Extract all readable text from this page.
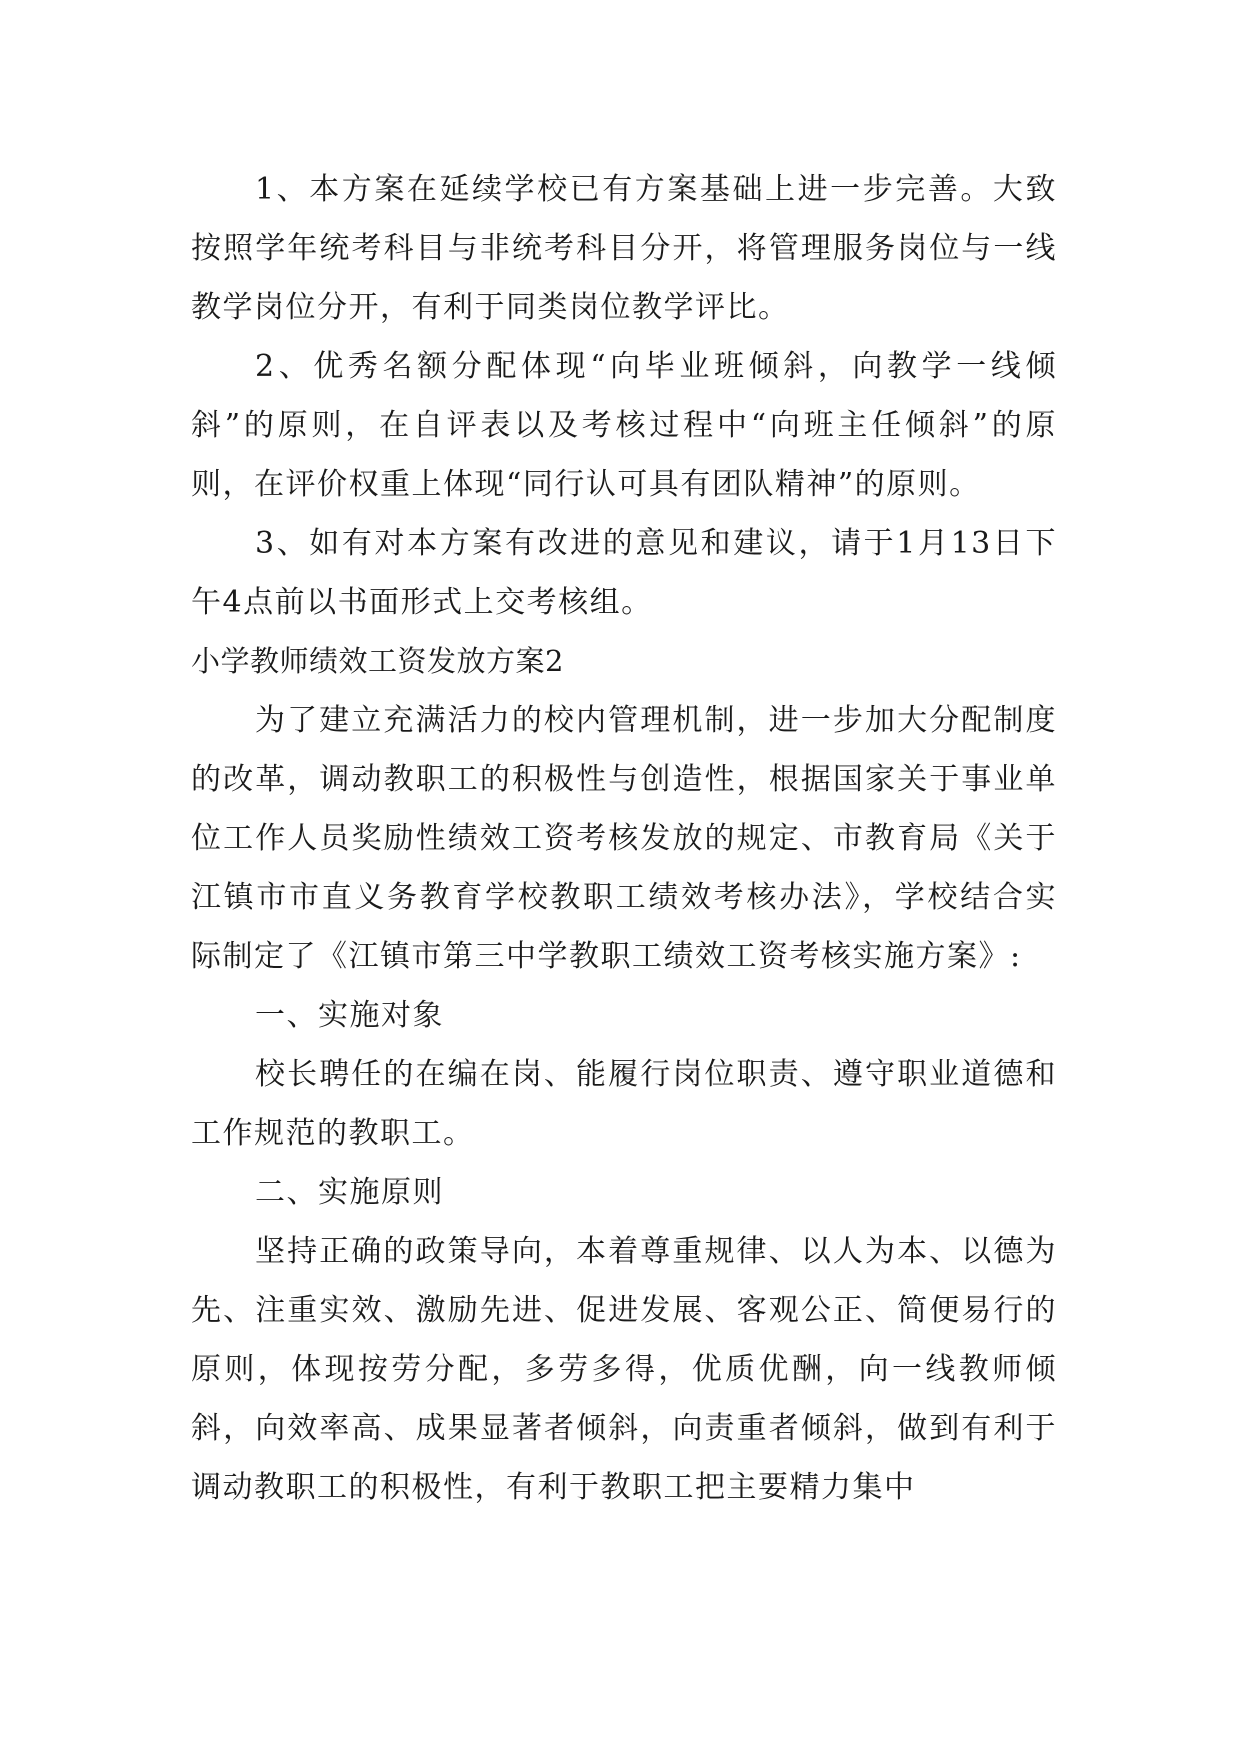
1、本方案在延续学校已有方案基础上进一步完善。大致按照学年统考科目与非统考科目分开，将管理服务岗位与一线教学岗位分开，有利于同类岗位教学评比。

2、优秀名额分配体现“向毕业班倾斜，向教学一线倾斜”的原则，在自评表以及考核过程中“向班主任倾斜”的原则，在评价权重上体现“同行认可具有团队精神”的原则。

3、如有对本方案有改进的意见和建议，请于1月13日下午4点前以书面形式上交考核组。

小学教师绩效工资发放方案2

为了建立充满活力的校内管理机制，进一步加大分配制度的改革，调动教职工的积极性与创造性，根据国家关于事业单位工作人员奖励性绩效工资考核发放的规定、市教育局《关于江镇市市直义务教育学校教职工绩效考核办法》，学校结合实际制定了《江镇市第三中学教职工绩效工资考核实施方案》:

一、实施对象

校长聘任的在编在岗、能履行岗位职责、遵守职业道德和工作规范的教职工。

二、实施原则

坚持正确的政策导向，本着尊重规律、以人为本、以德为先、注重实效、激励先进、促进发展、客观公正、简便易行的原则，体现按劳分配，多劳多得，优质优酬，向一线教师倾斜，向效率高、成果显著者倾斜，向责重者倾斜，做到有利于调动教职工的积极性，有利于教职工把主要精力集中
